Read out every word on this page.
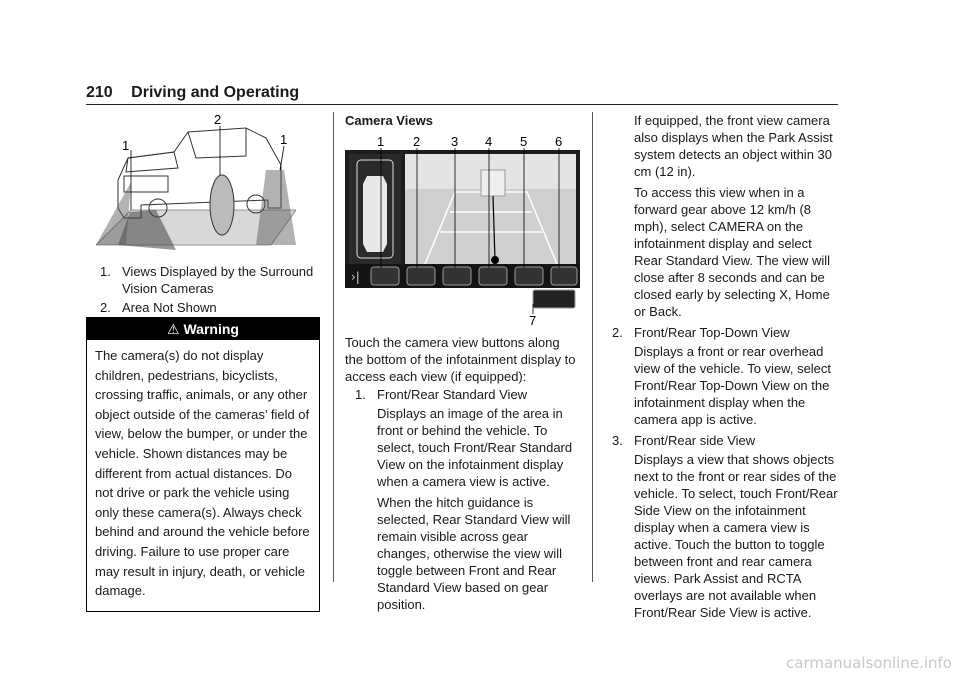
210 Driving and Operating
1
2
1
1. Views Displayed by the Surround Vision Cameras
2. Area Not Shown
⚠ Warning
The camera(s) do not display children, pedestrians, bicyclists, crossing traffic, animals, or any other object outside of the cameras’ field of view, below the bumper, or under the vehicle. Shown distances may be different from actual distances. Do not drive or park the vehicle using only these camera(s). Always check behind and around the vehicle before driving. Failure to use proper care may result in injury, death, or vehicle damage.
Camera Views
1 2 3 4 5 6
7
›|
Touch the camera view buttons along the bottom of the infotainment display to access each view (if equipped):
1. Front/Rear Standard View

Displays an image of the area in front or behind the vehicle. To select, touch Front/Rear Standard View on the infotainment display when a camera view is active.

When the hitch guidance is selected, Rear Standard View will remain visible across gear changes, otherwise the view will toggle between Front and Rear Standard View based on gear position.

If equipped, the front view camera also displays when the Park Assist system detects an object within 30 cm (12 in).

To access this view when in a forward gear above 12 km/h (8 mph), select CAMERA on the infotainment display and select Rear Standard View. The view will close after 8 seconds and can be closed early by selecting X, Home or Back.

2. Front/Rear Top-Down View

Displays a front or rear overhead view of the vehicle. To view, select Front/Rear Top-Down View on the infotainment display when the camera app is active.

3. Front/Rear side View

Displays a view that shows objects next to the front or rear sides of the vehicle. To select, touch Front/Rear Side View on the infotainment display when a camera view is active. Touch the button to toggle between front and rear camera views. Park Assist and RCTA overlays are not available when Front/Rear Side View is active.

carmanualsonline.info
